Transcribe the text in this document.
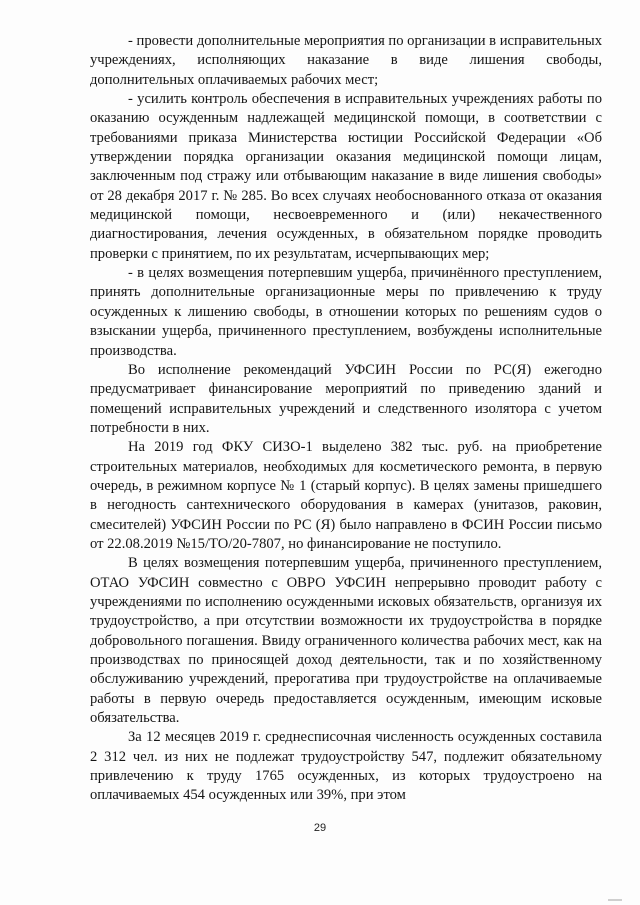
- провести дополнительные мероприятия по организации в исправительных учреждениях, исполняющих наказание в виде лишения свободы, дополнительных оплачиваемых рабочих мест;

- усилить контроль обеспечения в исправительных учреждениях работы по оказанию осужденным надлежащей медицинской помощи, в соответствии с требованиями приказа Министерства юстиции Российской Федерации «Об утверждении порядка организации оказания медицинской помощи лицам, заключенным под стражу или отбывающим наказание в виде лишения свободы» от 28 декабря 2017 г. № 285. Во всех случаях необоснованного отказа от оказания медицинской помощи, несвоевременного и (или) некачественного диагностирования, лечения осужденных, в обязательном порядке проводить проверки с принятием, по их результатам, исчерпывающих мер;

- в целях возмещения потерпевшим ущерба, причинённого преступлением, принять дополнительные организационные меры по привлечению к труду осужденных к лишению свободы, в отношении которых по решениям судов о взыскании ущерба, причиненного преступлением, возбуждены исполнительные производства.

Во исполнение рекомендаций УФСИН России по РС(Я) ежегодно предусматривает финансирование мероприятий по приведению зданий и помещений исправительных учреждений и следственного изолятора с учетом потребности в них.

На 2019 год ФКУ СИЗО-1 выделено 382 тыс. руб. на приобретение строительных материалов, необходимых для косметического ремонта, в первую очередь, в режимном корпусе № 1 (старый корпус). В целях замены пришедшего в негодность сантехнического оборудования в камерах (унитазов, раковин, смесителей) УФСИН России по РС (Я) было направлено в ФСИН России письмо от 22.08.2019 №15/ТО/20-7807, но финансирование не поступило.

В целях возмещения потерпевшим ущерба, причиненного преступлением, ОТАО УФСИН совместно с ОВРО УФСИН непрерывно проводит работу с учреждениями по исполнению осужденными исковых обязательств, организуя их трудоустройство, а при отсутствии возможности их трудоустройства в порядке добровольного погашения. Ввиду ограниченного количества рабочих мест, как на производствах по приносящей доход деятельности, так и по хозяйственному обслуживанию учреждений, прерогатива при трудоустройстве на оплачиваемые работы в первую очередь предоставляется осужденным, имеющим исковые обязательства.

За 12 месяцев 2019 г. среднесписочная численность осужденных составила 2 312 чел. из них не подлежат трудоустройству 547, подлежит обязательному привлечению к труду 1765 осужденных, из которых трудоустроено на оплачиваемых 454 осужденных или 39%, при этом

29
